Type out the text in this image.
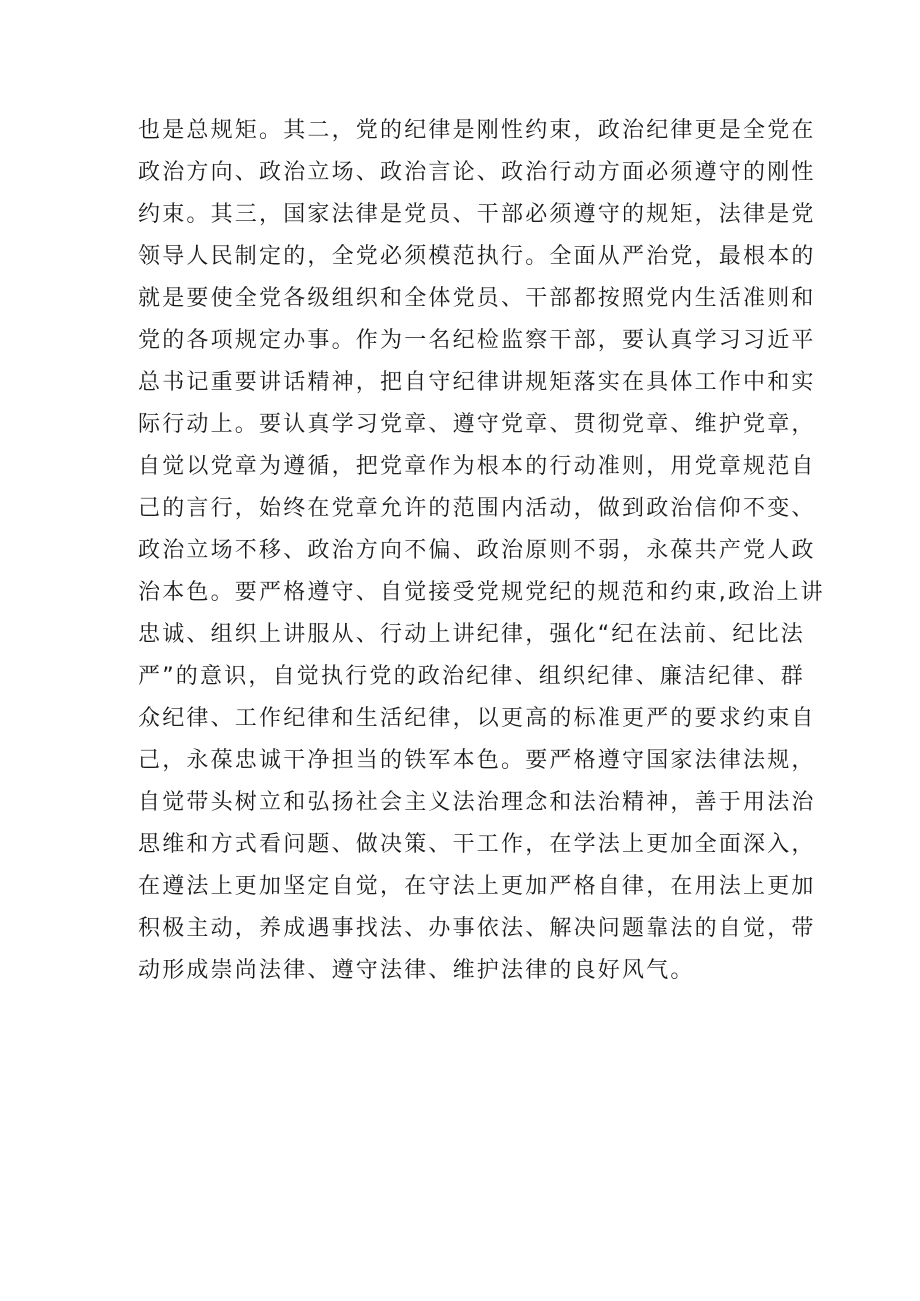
也是总规矩。其二，党的纪律是刚性约束，政治纪律更是全党在
政治方向、政治立场、政治言论、政治行动方面必须遵守的刚性
约束。其三，国家法律是党员、干部必须遵守的规矩，法律是党
领导人民制定的，全党必须模范执行。全面从严治党，最根本的
就是要使全党各级组织和全体党员、干部都按照党内生活准则和
党的各项规定办事。作为一名纪检监察干部，要认真学习习近平
总书记重要讲话精神，把自守纪律讲规矩落实在具体工作中和实
际行动上。要认真学习党章、遵守党章、贯彻党章、维护党章，
自觉以党章为遵循，把党章作为根本的行动准则，用党章规范自
己的言行，始终在党章允许的范围内活动，做到政治信仰不变、
政治立场不移、政治方向不偏、政治原则不弱，永葆共产党人政
治本色。要严格遵守、自觉接受党规党纪的规范和约束,政治上讲
忠诚、组织上讲服从、行动上讲纪律，强化“纪在法前、纪比法
严”的意识，自觉执行党的政治纪律、组织纪律、廉洁纪律、群
众纪律、工作纪律和生活纪律，以更高的标准更严的要求约束自
己，永葆忠诚干净担当的铁军本色。要严格遵守国家法律法规，
自觉带头树立和弘扬社会主义法治理念和法治精神，善于用法治
思维和方式看问题、做决策、干工作，在学法上更加全面深入，
在遵法上更加坚定自觉，在守法上更加严格自律，在用法上更加
积极主动，养成遇事找法、办事依法、解决问题靠法的自觉，带
动形成崇尚法律、遵守法律、维护法律的良好风气。
